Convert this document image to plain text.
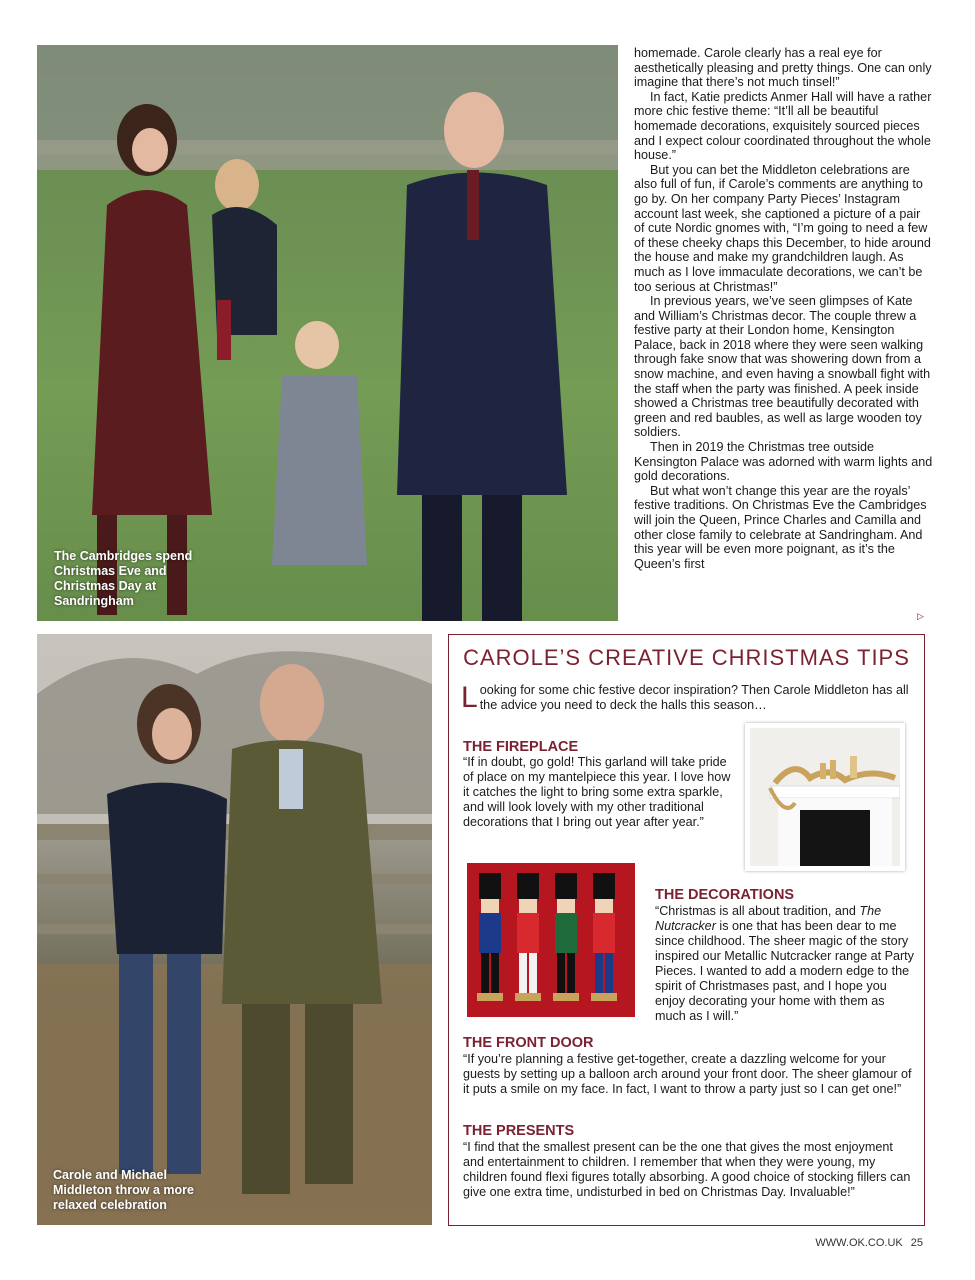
The Cambridges spend Christmas Eve and Christmas Day at Sandringham

homemade. Carole clearly has a real eye for aesthetically pleasing and pretty things. One can only imagine that there’s not much tinsel!”

In fact, Katie predicts Anmer Hall will have a rather more chic festive theme: “It’ll all be beautiful homemade decorations, exquisitely sourced pieces and I expect colour coordinated throughout the whole house.”

But you can bet the Middleton celebrations are also full of fun, if Carole’s comments are anything to go by. On her company Party Pieces’ Instagram account last week, she captioned a picture of a pair of cute Nordic gnomes with, “I’m going to need a few of these cheeky chaps this December, to hide around the house and make my grandchildren laugh. As much as I love immaculate decorations, we can’t be too serious at Christmas!”

In previous years, we’ve seen glimpses of Kate and William’s Christmas decor. The couple threw a festive party at their London home, Kensington Palace, back in 2018 where they were seen walking through fake snow that was showering down from a snow machine, and even having a snowball fight with the staff when the party was finished. A peek inside showed a Christmas tree beautifully decorated with green and red baubles, as well as large wooden toy soldiers.

Then in 2019 the Christmas tree outside Kensington Palace was adorned with warm lights and gold decorations.

But what won’t change this year are the royals’ festive traditions. On Christmas Eve the Cambridges will join the Queen, Prince Charles and Camilla and other close family to celebrate at Sandringham. And this year will be even more poignant, as it’s the Queen’s first

▷
Carole and Michael Middleton throw a more relaxed celebration
CAROLE’S CREATIVE CHRISTMAS TIPS
Looking for some chic festive decor inspiration? Then Carole Middleton has all the advice you need to deck the halls this season…
THE FIREPLACE
“If in doubt, go gold! This garland will take pride of place on my mantelpiece this year. I love how it catches the light to bring some extra sparkle, and will look lovely with my other traditional decorations that I bring out year after year.”
THE DECORATIONS
“Christmas is all about tradition, and The Nutcracker is one that has been dear to me since childhood. The sheer magic of the story inspired our Metallic Nutcracker range at Party Pieces. I wanted to add a modern edge to the spirit of Christmases past, and I hope you enjoy decorating your home with them as much as I will.”
THE FRONT DOOR
“If you’re planning a festive get-together, create a dazzling welcome for your guests by setting up a balloon arch around your front door. The sheer glamour of it puts a smile on my face. In fact, I want to throw a party just so I can get one!”
THE PRESENTS
“I find that the smallest present can be the one that gives the most enjoyment and entertainment to children. I remember that when they were young, my children found flexi figures totally absorbing. A good choice of stocking fillers can give one extra time, undisturbed in bed on Christmas Day. Invaluable!”
WWW.OK.CO.UK 25
